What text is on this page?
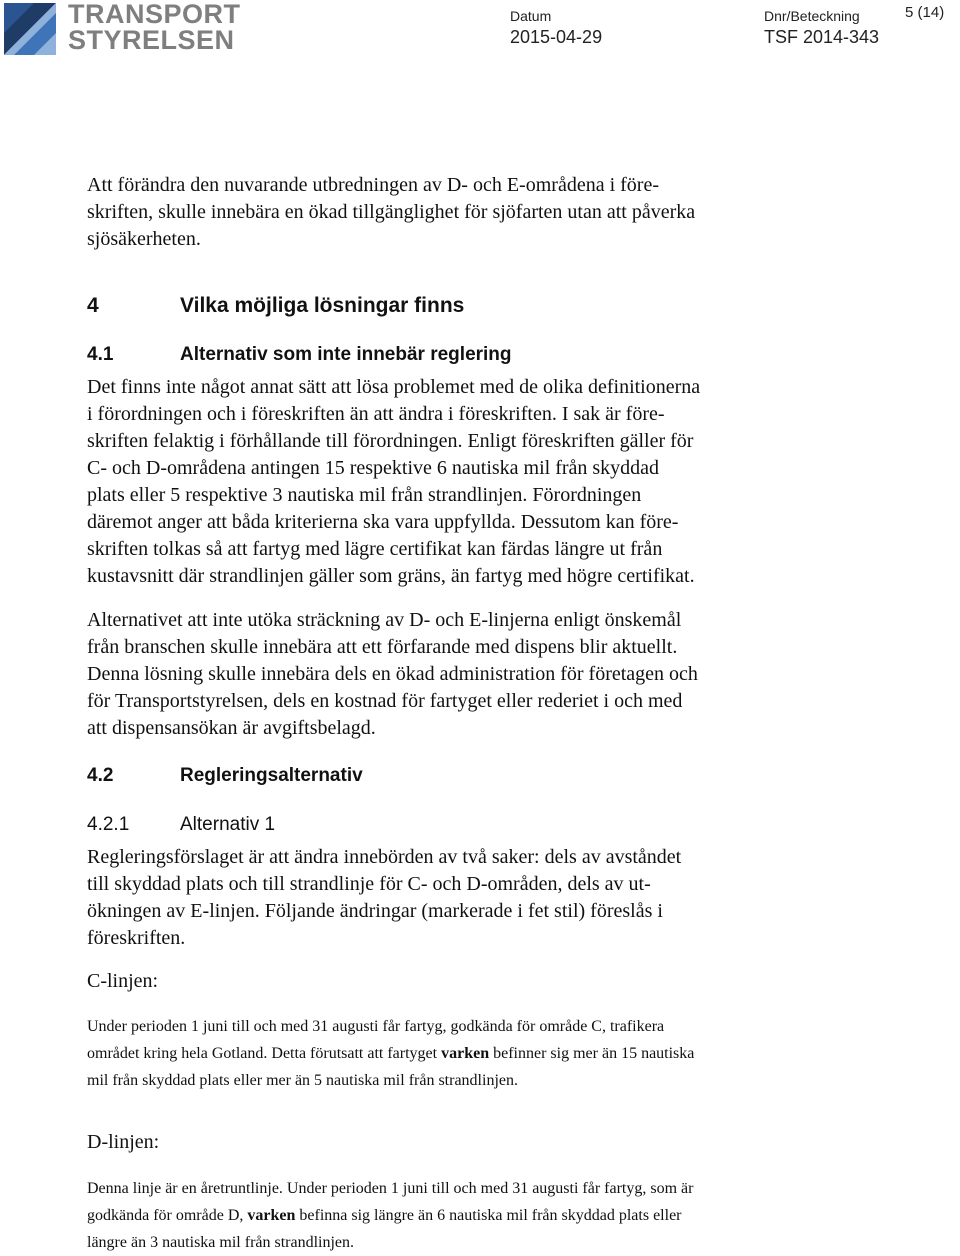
TRANSPORT
STYRELSEN
Datum
2015-04-29
Dnr/Beteckning
TSF 2014-343
5 (14)
Att förändra den nuvarande utbredningen av D- och E-områdena i före-
skriften, skulle innebära en ökad tillgänglighet för sjöfarten utan att påverka
sjösäkerheten.
4	Vilka möjliga lösningar finns
4.1	Alternativ som inte innebär reglering
Det finns inte något annat sätt att lösa problemet med de olika definitionerna
i förordningen och i föreskriften än att ändra i föreskriften. I sak är före-
skriften felaktig i förhållande till förordningen. Enligt föreskriften gäller för
C- och D-områdena antingen 15 respektive 6 nautiska mil från skyddad
plats eller 5 respektive 3 nautiska mil från strandlinjen. Förordningen
däremot anger att båda kriterierna ska vara uppfyllda. Dessutom kan före-
skriften tolkas så att fartyg med lägre certifikat kan färdas längre ut från
kustavsnitt där strandlinjen gäller som gräns, än fartyg med högre certifikat.
Alternativet att inte utöka sträckning av D- och E-linjerna enligt önskemål
från branschen skulle innebära att ett förfarande med dispens blir aktuellt.
Denna lösning skulle innebära dels en ökad administration för företagen och
för Transportstyrelsen, dels en kostnad för fartyget eller rederiet i och med
att dispensansökan är avgiftsbelagd.
4.2	Regleringsalternativ
4.2.1	Alternativ 1
Regleringsförslaget är att ändra innebörden av två saker: dels av avståndet
till skyddad plats och till strandlinje för C- och D-områden, dels av ut-
ökningen av E-linjen. Följande ändringar (markerade i fet stil) föreslås i
föreskriften.
C-linjen:
Under perioden 1 juni till och med 31 augusti får fartyg, godkända för område C, trafikera
området kring hela Gotland. Detta förutsatt att fartyget varken befinner sig mer än 15 nautiska
mil från skyddad plats eller mer än 5 nautiska mil från strandlinjen.
D-linjen:
Denna linje är en åretruntlinje. Under perioden 1 juni till och med 31 augusti får fartyg, som är
godkända för område D, varken befinna sig längre än 6 nautiska mil från skyddad plats eller
längre än 3 nautiska mil från strandlinjen.
